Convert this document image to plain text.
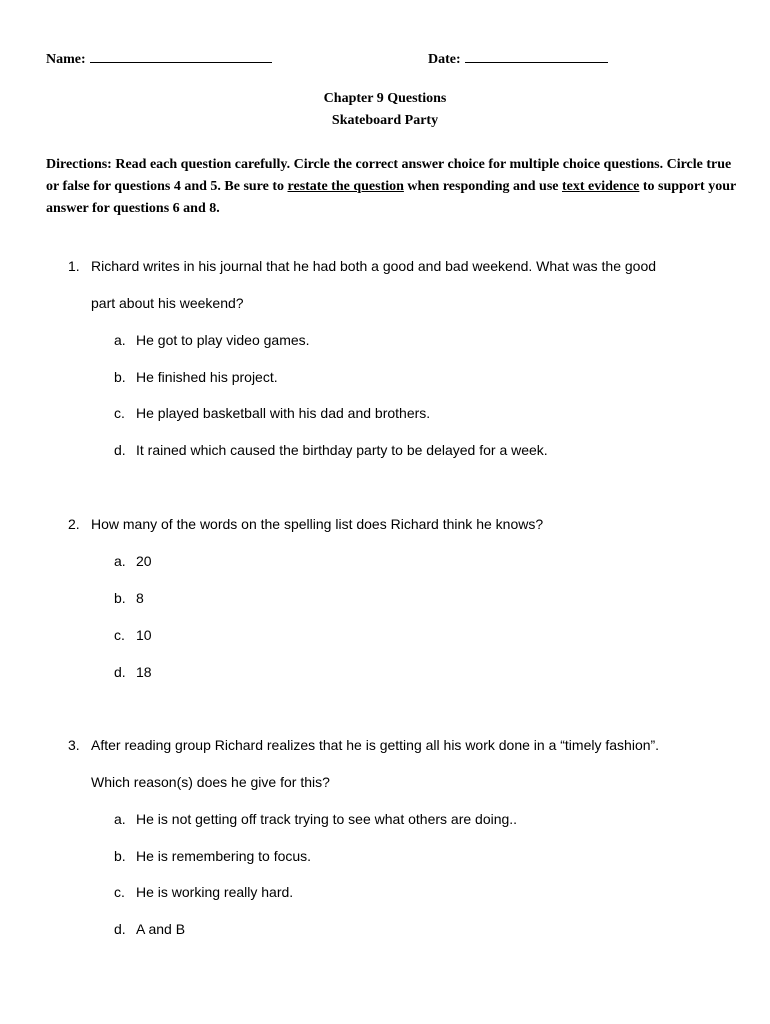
Name:	Date:
Chapter 9 Questions
Skateboard Party
Directions: Read each question carefully. Circle the correct answer choice for multiple choice questions. Circle true or false for questions 4 and 5. Be sure to restate the question when responding and use text evidence to support your answer for questions 6 and 8.
1. Richard writes in his journal that he had both a good and bad weekend. What was the good
part about his weekend?
a. He got to play video games.
b. He finished his project.
c. He played basketball with his dad and brothers.
d. It rained which caused the birthday party to be delayed for a week.
2. How many of the words on the spelling list does Richard think he knows?
a. 20
b. 8
c. 10
d. 18
3. After reading group Richard realizes that he is getting all his work done in a “timely fashion”.
Which reason(s) does he give for this?
a. He is not getting off track trying to see what others are doing..
b. He is remembering to focus.
c. He is working really hard.
d. A and B
